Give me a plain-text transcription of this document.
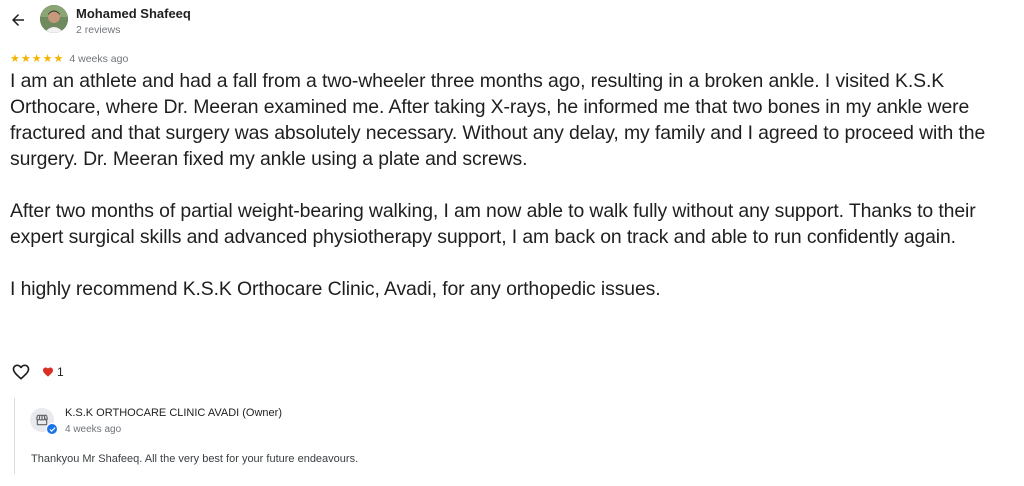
Mohamed Shafeeq
2 reviews
★ ★ ★ ★ ★ 4 weeks ago

I am an athlete and had a fall from a two-wheeler three months ago, resulting in a broken ankle. I visited K.S.K Orthocare, where Dr. Meeran examined me. After taking X-rays, he informed me that two bones in my ankle were fractured and that surgery was absolutely necessary. Without any delay, my family and I agreed to proceed with the surgery. Dr. Meeran fixed my ankle using a plate and screws.

After two months of partial weight-bearing walking, I am now able to walk fully without any support. Thanks to their expert surgical skills and advanced physiotherapy support, I am back on track and able to run confidently again.

I highly recommend K.S.K Orthocare Clinic, Avadi, for any orthopedic issues.

1
K.S.K ORTHOCARE CLINIC AVADI (Owner)
4 weeks ago
Thankyou Mr Shafeeq. All the very best for your future endeavours.
